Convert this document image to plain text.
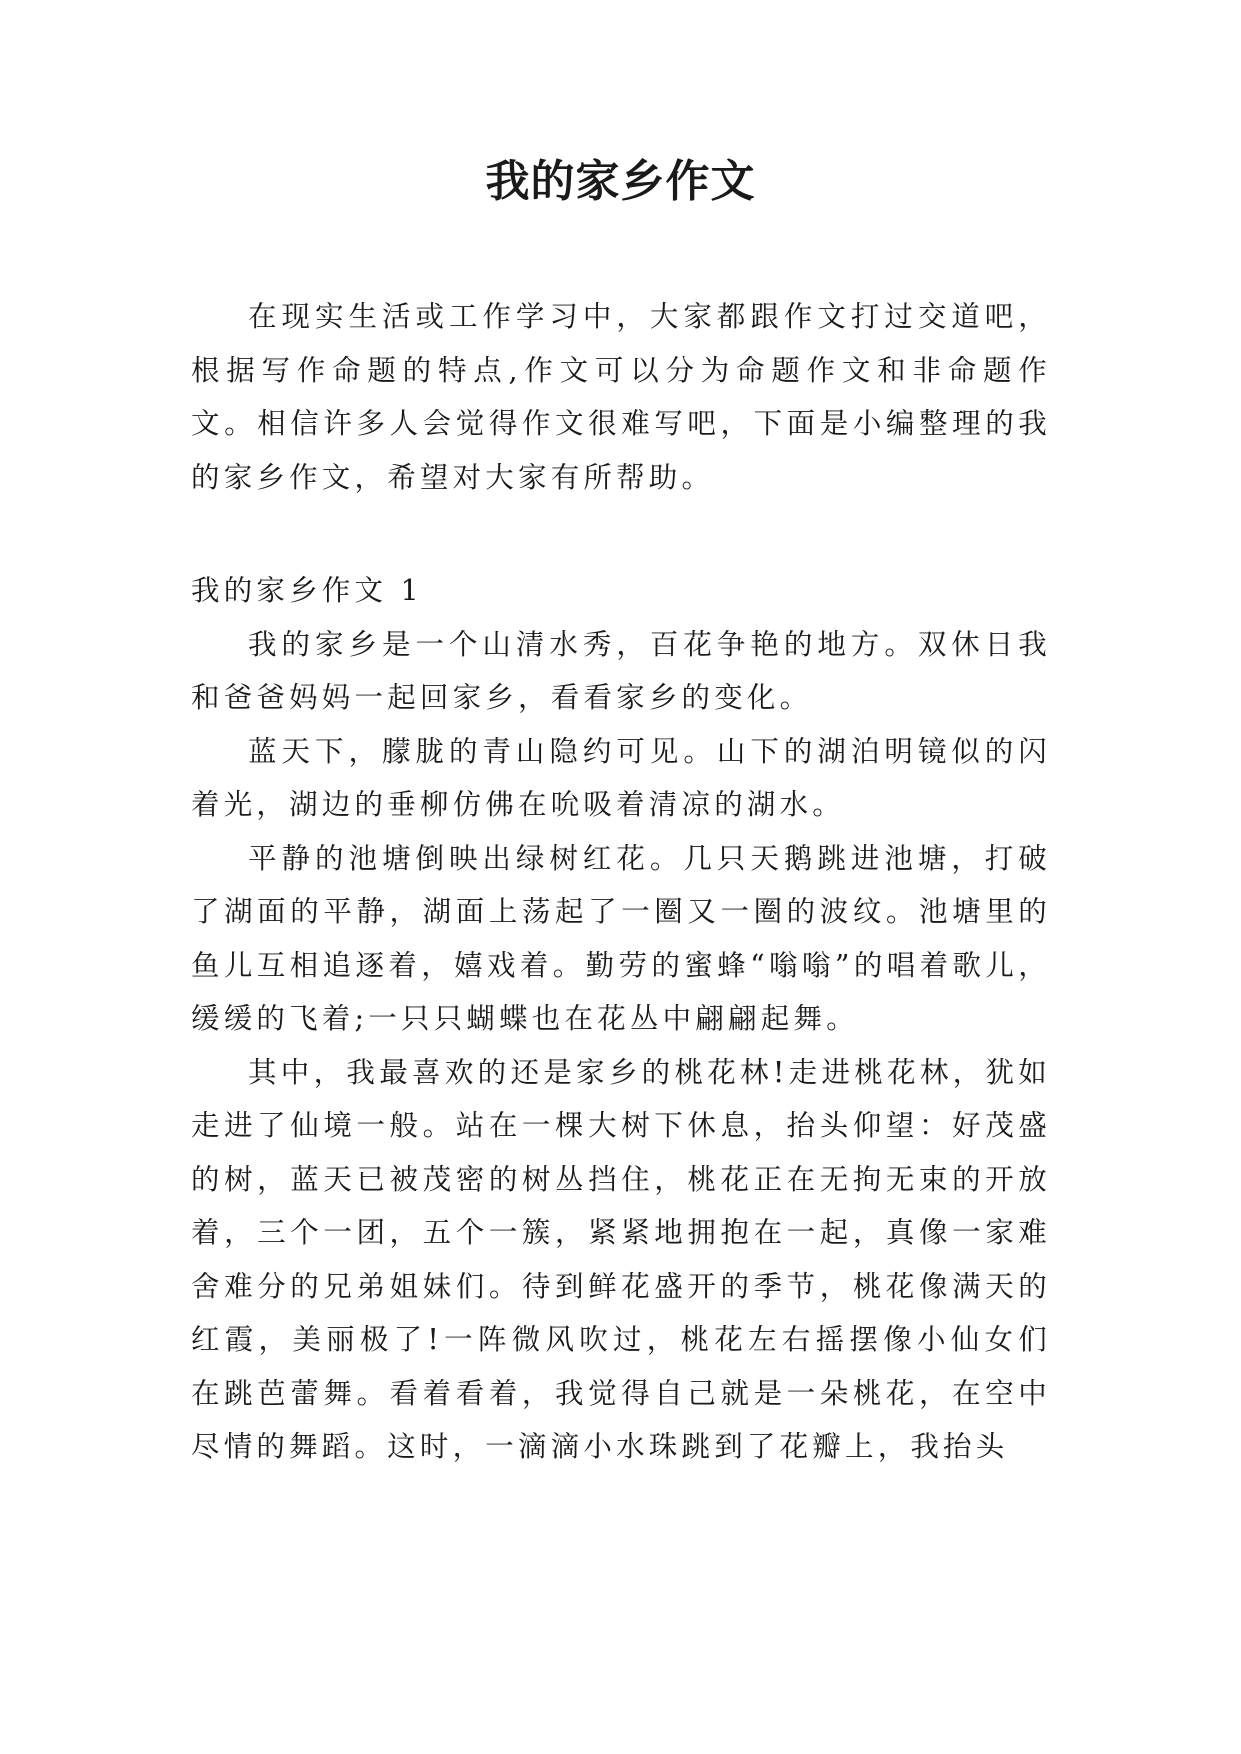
我的家乡作文

在现实生活或工作学习中，大家都跟作文打过交道吧，根据写作命题的特点,作文可以分为命题作文和非命题作文。相信许多人会觉得作文很难写吧，下面是小编整理的我的家乡作文，希望对大家有所帮助。

我的家乡作文 1

我的家乡是一个山清水秀，百花争艳的地方。双休日我和爸爸妈妈一起回家乡，看看家乡的变化。

蓝天下，朦胧的青山隐约可见。山下的湖泊明镜似的闪着光，湖边的垂柳仿佛在吮吸着清凉的湖水。

平静的池塘倒映出绿树红花。几只天鹅跳进池塘，打破了湖面的平静，湖面上荡起了一圈又一圈的波纹。池塘里的鱼儿互相追逐着，嬉戏着。勤劳的蜜蜂“嗡嗡”的唱着歌儿，缓缓的飞着;一只只蝴蝶也在花丛中翩翩起舞。

其中，我最喜欢的还是家乡的桃花林!走进桃花林，犹如走进了仙境一般。站在一棵大树下休息，抬头仰望：好茂盛的树，蓝天已被茂密的树丛挡住，桃花正在无拘无束的开放着，三个一团，五个一簇，紧紧地拥抱在一起，真像一家难舍难分的兄弟姐妹们。待到鲜花盛开的季节，桃花像满天的红霞，美丽极了!一阵微风吹过，桃花左右摇摆像小仙女们在跳芭蕾舞。看着看着，我觉得自己就是一朵桃花，在空中尽情的舞蹈。这时，一滴滴小水珠跳到了花瓣上，我抬头
